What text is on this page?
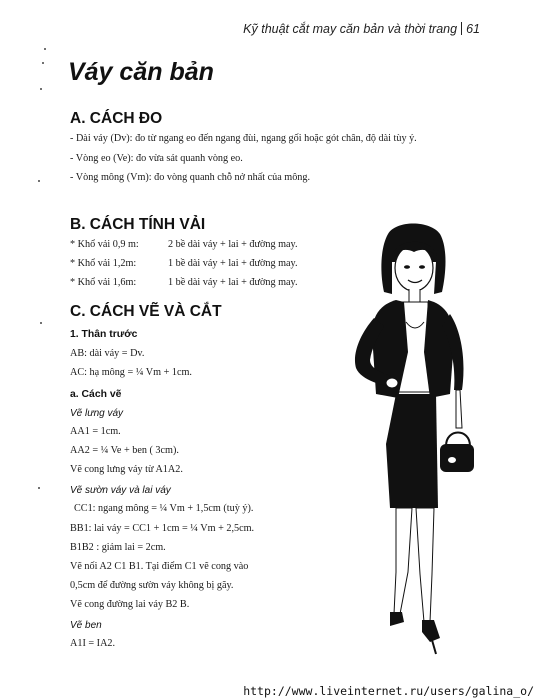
Kỹ thuật cắt may căn bản và thời trang 61
Váy căn bản
A. CÁCH ĐO
- Dài váy (Dv): đo từ ngang eo đến ngang đùi, ngang gối hoặc gót chân, độ dài tùy ý.
- Vòng eo (Ve): đo vừa sát quanh vòng eo.
- Vòng mông (Vm): đo vòng quanh chỗ nở nhất của mông.
B. CÁCH TÍNH VẢI
* Khổ vải 0,9 m:	2 bề dài váy + lai + đường may.
* Khổ vải 1,2m:	1 bề dài váy + lai + đường may.
* Khổ vải 1,6m:	1 bề dài váy + lai + đường may.
C. CÁCH VẼ VÀ CẮT
1. Thân trước
AB: dài váy = Dv.
AC: hạ mông = ¼ Vm + 1cm.
a. Cách vẽ
Vẽ lưng váy
AA1 = 1cm.
AA2 = ¼ Ve + ben ( 3cm).
Vẽ cong lưng váy từ A1A2.
Vẽ sườn váy và lai váy
CC1: ngang mông = ¼ Vm + 1,5cm (tuỳ ý).
BB1: lai váy = CC1 + 1cm = ¼ Vm + 2,5cm.
B1B2 : giảm lai = 2cm.
Vẽ nối A2 C1 B1. Tại điểm C1 vẽ cong vào
0,5cm để đường sườn váy không bị gãy.
Vẽ cong đường lai váy B2 B.
Vẽ ben
A1I = IA2.
http://www.liveinternet.ru/users/galina_o/
